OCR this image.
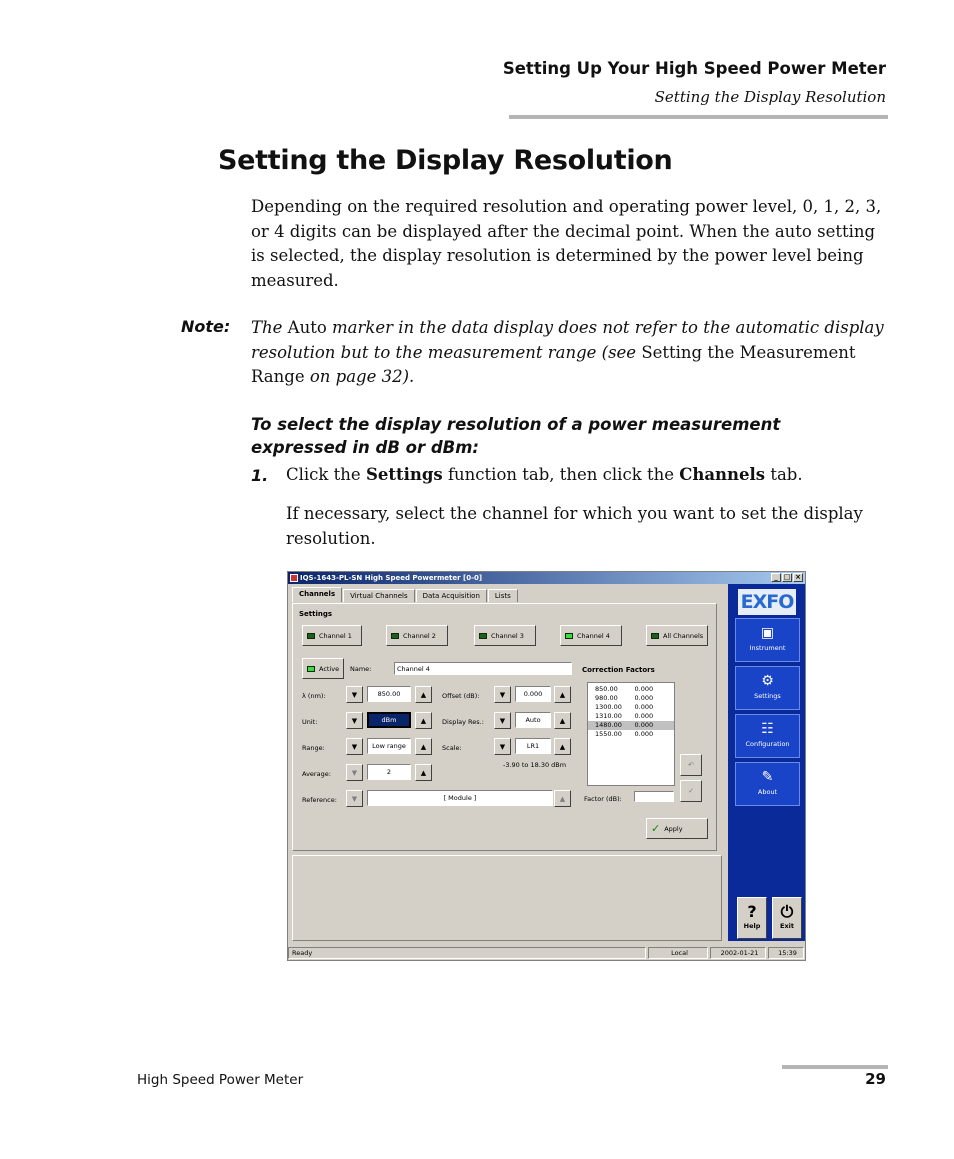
Setting Up Your High Speed Power Meter
Setting the Display Resolution
Setting the Display Resolution
Depending on the required resolution and operating power level, 0, 1, 2, 3, or 4 digits can be displayed after the decimal point. When the auto setting is selected, the display resolution is determined by the power level being measured.
Note: The Auto marker in the data display does not refer to the automatic display resolution but to the measurement range (see Setting the Measurement Range on page 32).
To select the display resolution of a power measurement expressed in dB or dBm:
1. Click the Settings function tab, then click the Channels tab.
If necessary, select the channel for which you want to set the display resolution.
IQS-1643-PL-SN High Speed Powermeter [0-0]	_ □ ×
Channels	Virtual Channels	Data Acquisition	Lists
Settings
Channel 1	Channel 2	Channel 3	Channel 4	All Channels
Active Name:	Channel 4	Correction Factors
λ (nm):	▼	850.00	▲
Unit:	▼	dBm	▲
Range:	▼	Low range	▲
Average:	▼	2	▲
Reference:	▼	[ Module ]	▲
Offset (dB):	▼	0.000	▲
Display Res.:	▼	Auto	▲
Scale:	▼	LR1	▲
-3.90 to 18.30 dBm
850.00	0.000
980.00	0.000
1300.00	0.000
1310.00	0.000
1480.00	0.000
1550.00	0.000
↶
✓
Factor (dB):
✓ Apply
EXFO
▣
Instrument
⚙
Settings
☷
Configuration
✎
About
?
Help
⏻
Exit
Ready	Local	2002-01-21	15:39
High Speed Power Meter	29
